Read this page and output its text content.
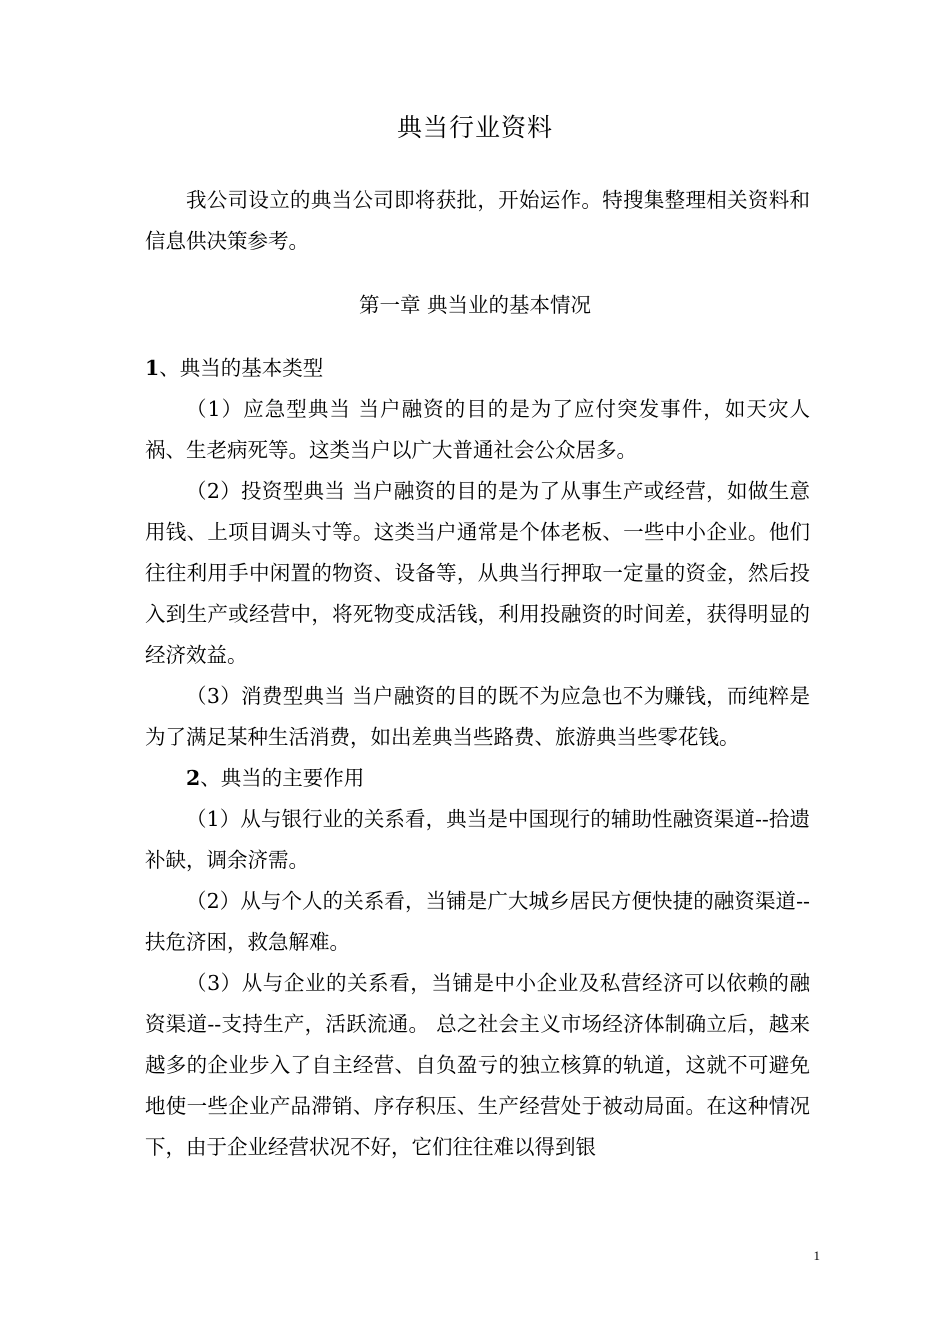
典当行业资料

我公司设立的典当公司即将获批，开始运作。特搜集整理相关资料和信息供决策参考。

第一章 典当业的基本情况

1、典当的基本类型

（1）应急型典当 当户融资的目的是为了应付突发事件，如天灾人祸、生老病死等。这类当户以广大普通社会公众居多。

（2）投资型典当 当户融资的目的是为了从事生产或经营，如做生意用钱、上项目调头寸等。这类当户通常是个体老板、一些中小企业。他们往往利用手中闲置的物资、设备等，从典当行押取一定量的资金，然后投入到生产或经营中，将死物变成活钱，利用投融资的时间差，获得明显的经济效益。

（3）消费型典当 当户融资的目的既不为应急也不为赚钱，而纯粹是为了满足某种生活消费，如出差典当些路费、旅游典当些零花钱。

2、典当的主要作用

（1）从与银行业的关系看，典当是中国现行的辅助性融资渠道--拾遗补缺，调余济需。

（2）从与个人的关系看，当铺是广大城乡居民方便快捷的融资渠道--扶危济困，救急解难。

（3）从与企业的关系看，当铺是中小企业及私营经济可以依赖的融资渠道--支持生产，活跃流通。 总之社会主义市场经济体制确立后，越来越多的企业步入了自主经营、自负盈亏的独立核算的轨道，这就不可避免地使一些企业产品滞销、序存积压、生产经营处于被动局面。在这种情况下，由于企业经营状况不好，它们往往难以得到银

1
